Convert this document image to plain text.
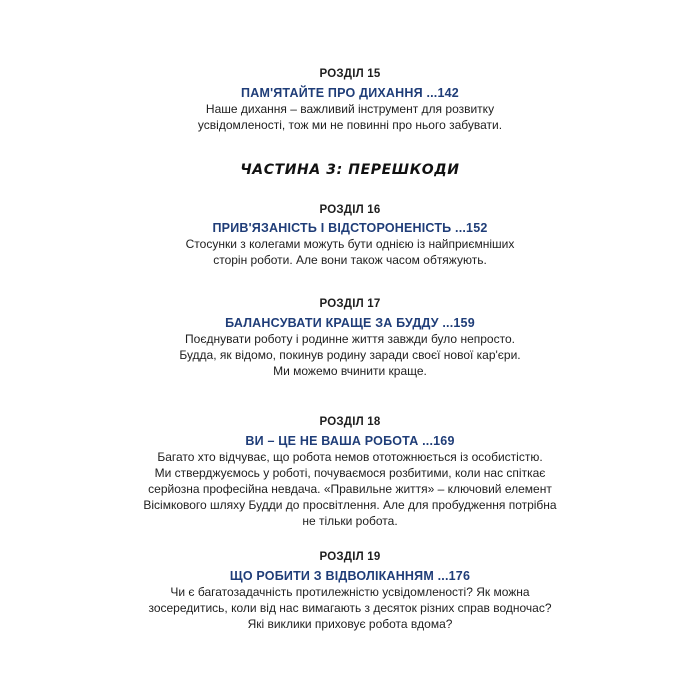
РОЗДІЛ 15
ПАМ'ЯТАЙТЕ ПРО ДИХАННЯ ...142
Наше дихання – важливий інструмент для розвитку
усвідомленості, тож ми не повинні про нього забувати.
ЧАСТИНА 3: ПЕРЕШКОДИ
РОЗДІЛ 16
ПРИВ'ЯЗАНІСТЬ І ВІДСТОРОНЕНІСТЬ ...152
Стосунки з колегами можуть бути однією із найприємніших
сторін роботи. Але вони також часом обтяжують.
РОЗДІЛ 17
БАЛАНСУВАТИ КРАЩЕ ЗА БУДДУ ...159
Поєднувати роботу і родинне життя завжди було непросто.
Будда, як відомо, покинув родину заради своєї нової кар'єри.
Ми можемо вчинити краще.
РОЗДІЛ 18
ВИ – ЦЕ НЕ ВАША РОБОТА ...169
Багато хто відчуває, що робота немов ототожнюється із особистістю.
Ми стверджуємось у роботі, почуваємося розбитими, коли нас спіткає
серйозна професійна невдача. «Правильне життя» – ключовий елемент
Вісімкового шляху Будди до просвітлення. Але для пробудження потрібна
не тільки робота.
РОЗДІЛ 19
ЩО РОБИТИ З ВІДВОЛІКАННЯМ ...176
Чи є багатозадачність протилежністю усвідомленості? Як можна
зосередитись, коли від нас вимагають з десяток різних справ водночас?
Які виклики приховує робота вдома?
